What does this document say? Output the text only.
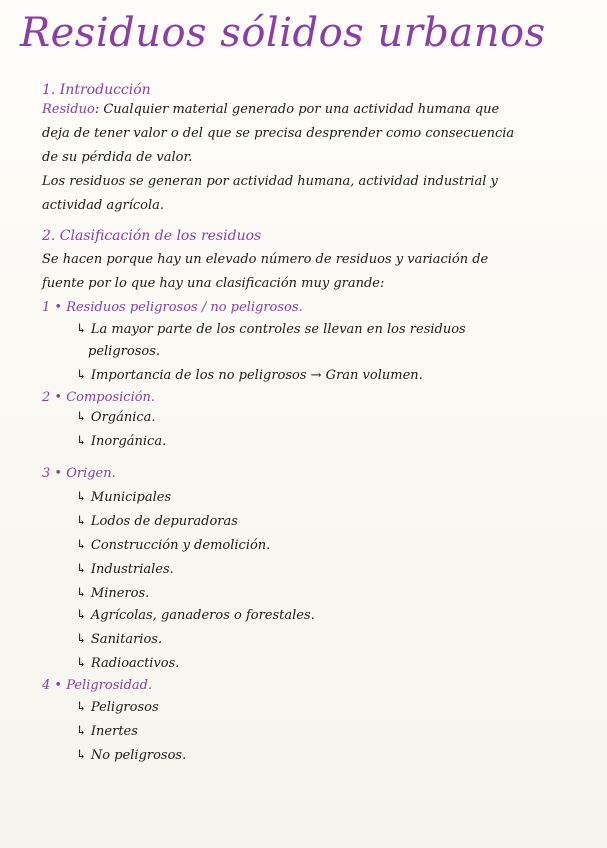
Residuos sólidos urbanos
1. Introducción
Residuo: Cualquier material generado por una actividad humana que
deja de tener valor o del que se precisa desprender como consecuencia
de su pérdida de valor.
Los residuos se generan por actividad humana, actividad industrial y
actividad agrícola.
2. Clasificación de los residuos
Se hacen porque hay un elevado número de residuos y variación de
fuente por lo que hay una clasificación muy grande:
1 • Residuos peligrosos / no peligrosos.
↳ La mayor parte de los controles se llevan en los residuos
peligrosos.
↳ Importancia de los no peligrosos → Gran volumen.
2 • Composición.
↳ Orgánica.
↳ Inorgánica.
3 • Origen.
↳ Municipales
↳ Lodos de depuradoras
↳ Construcción y demolición.
↳ Industriales.
↳ Mineros.
↳ Agrícolas, ganaderos o forestales.
↳ Sanitarios.
↳ Radioactivos.
4 • Peligrosidad.
↳ Peligrosos
↳ Inertes
↳ No peligrosos.
